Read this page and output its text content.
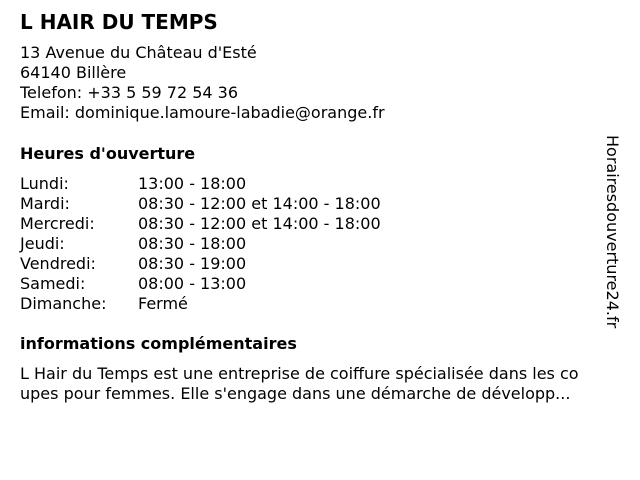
L HAIR DU TEMPS
13 Avenue du Château d'Esté
64140 Billère
Telefon: +33 5 59 72 54 36
Email: dominique.lamoure-labadie@orange.fr
Heures d'ouverture
Lundi:	13:00 - 18:00
Mardi:	08:30 - 12:00 et 14:00 - 18:00
Mercredi:	08:30 - 12:00 et 14:00 - 18:00
Jeudi:	08:30 - 18:00
Vendredi:	08:30 - 19:00
Samedi:	08:00 - 13:00
Dimanche: Fermé
informations complémentaires
L Hair du Temps est une entreprise de coiffure spécialisée dans les co
upes pour femmes. Elle s'engage dans une démarche de développ...
Horairesdouverture24.fr
